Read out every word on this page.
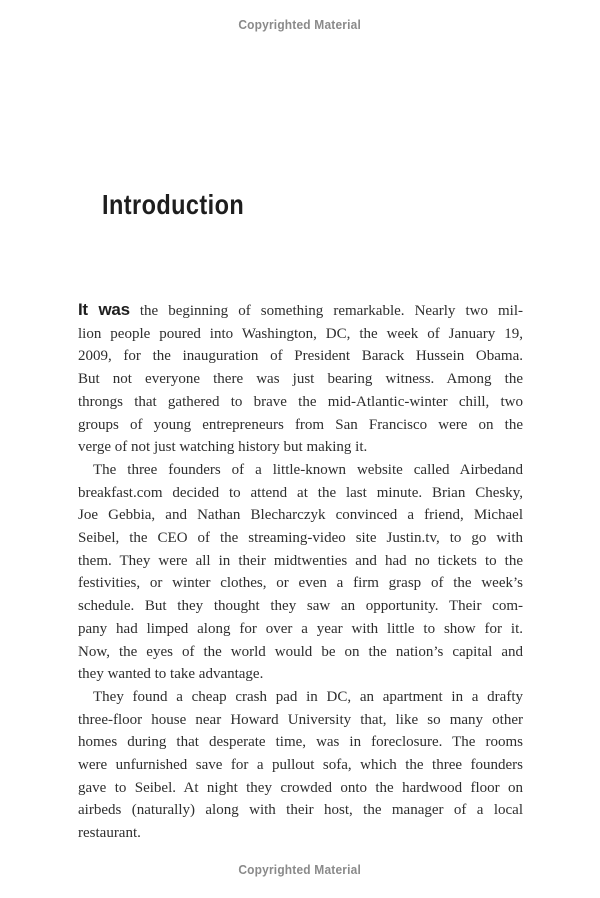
Copyrighted Material
Introduction
It was the beginning of something remarkable. Nearly two mil-
lion people poured into Washington, DC, the week of January 19,
2009, for the inauguration of President Barack Hussein Obama.
But not everyone there was just bearing witness. Among the
throngs that gathered to brave the mid-Atlantic-winter chill, two
groups of young entrepreneurs from San Francisco were on the
verge of not just watching history but making it.
The three founders of a little-known website called Airbedand
breakfast.com decided to attend at the last minute. Brian Chesky,
Joe Gebbia, and Nathan Blecharczyk convinced a friend, Michael
Seibel, the CEO of the streaming-video site Justin.tv, to go with
them. They were all in their midtwenties and had no tickets to the
festivities, or winter clothes, or even a firm grasp of the week’s
schedule. But they thought they saw an opportunity. Their com-
pany had limped along for over a year with little to show for it.
Now, the eyes of the world would be on the nation’s capital and
they wanted to take advantage.
They found a cheap crash pad in DC, an apartment in a drafty
three-floor house near Howard University that, like so many other
homes during that desperate time, was in foreclosure. The rooms
were unfurnished save for a pullout sofa, which the three founders
gave to Seibel. At night they crowded onto the hardwood floor on
airbeds (naturally) along with their host, the manager of a local
restaurant.
Copyrighted Material
